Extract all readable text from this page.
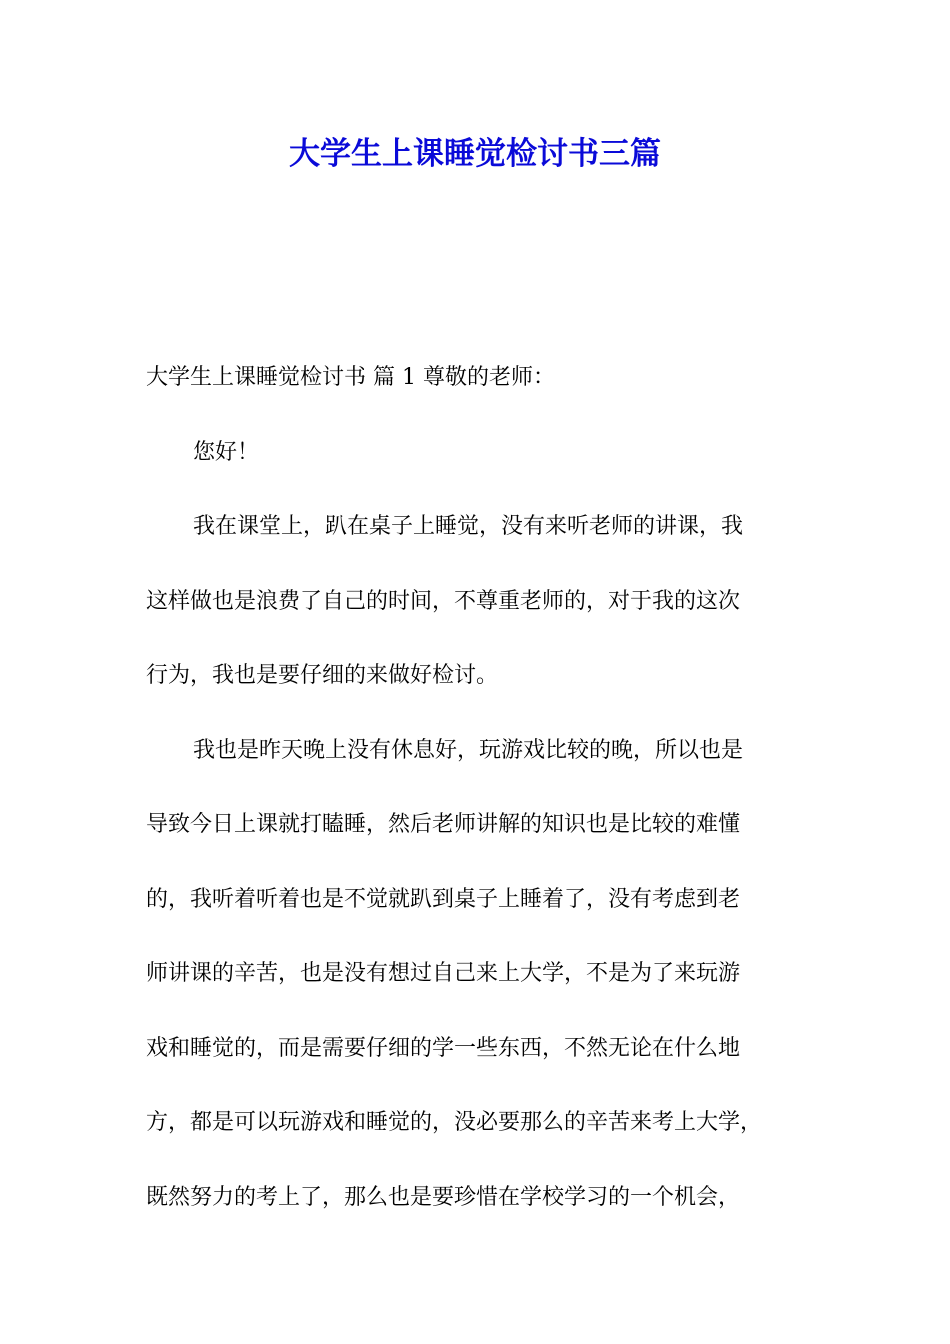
大学生上课睡觉检讨书三篇
大学生上课睡觉检讨书 篇 1 尊敬的老师：
您好！
我在课堂上，趴在桌子上睡觉，没有来听老师的讲课，我
这样做也是浪费了自己的时间，不尊重老师的，对于我的这次
行为，我也是要仔细的来做好检讨。
我也是昨天晚上没有休息好，玩游戏比较的晚，所以也是
导致今日上课就打瞌睡，然后老师讲解的知识也是比较的难懂
的，我听着听着也是不觉就趴到桌子上睡着了，没有考虑到老
师讲课的辛苦，也是没有想过自己来上大学，不是为了来玩游
戏和睡觉的，而是需要仔细的学一些东西，不然无论在什么地
方，都是可以玩游戏和睡觉的，没必要那么的辛苦来考上大学，
既然努力的考上了，那么也是要珍惜在学校学习的一个机会，
